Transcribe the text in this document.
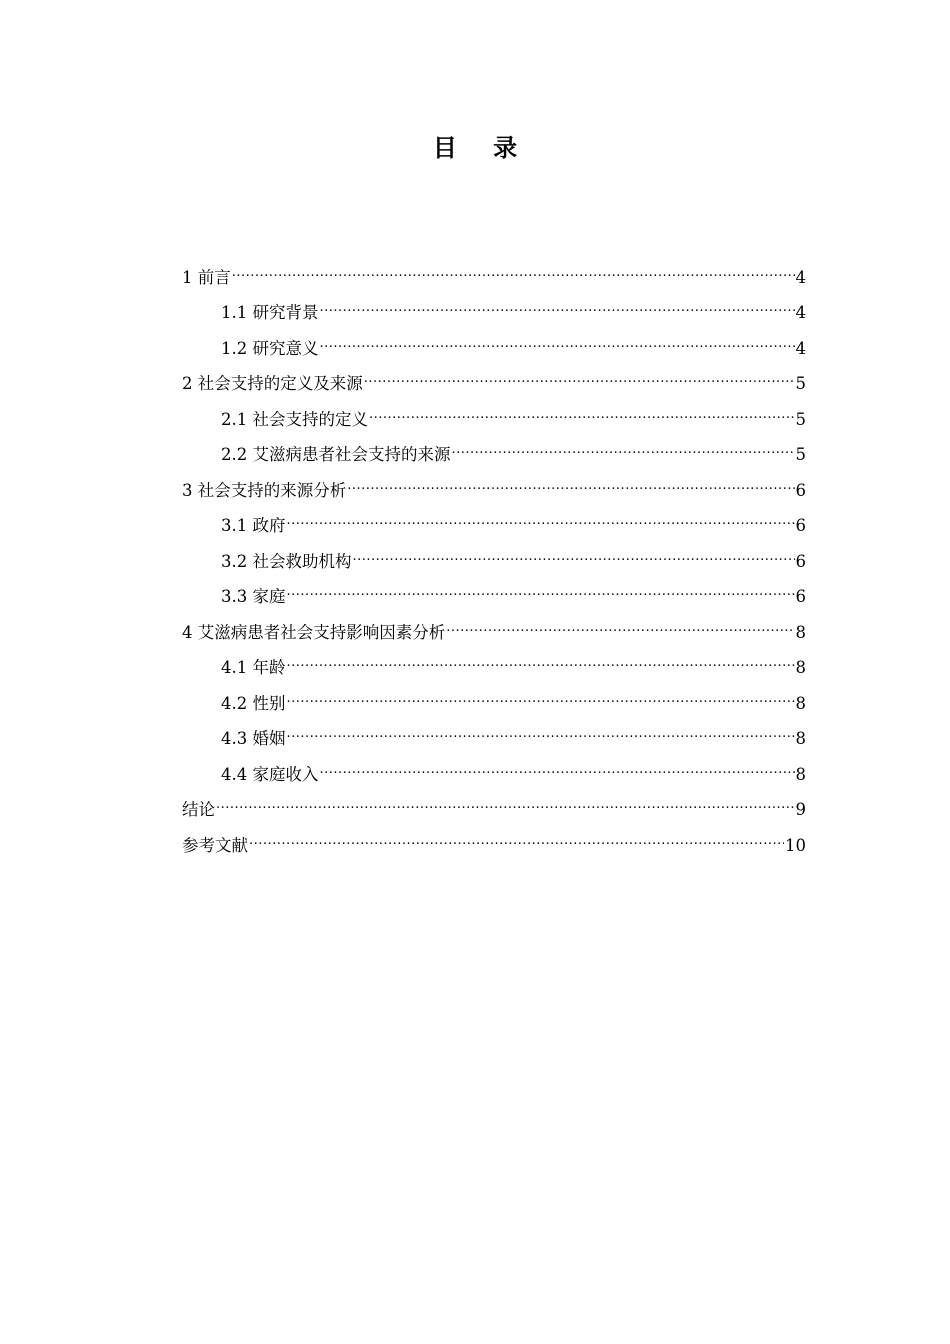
目 录
1 前言 .....	4
1.1 研究背景 .....	4
1.2 研究意义 .....	4
2 社会支持的定义及来源 .....	5
2.1 社会支持的定义 .....	5
2.2 艾滋病患者社会支持的来源 .....	5
3 社会支持的来源分析 .....	6
3.1 政府 .....	6
3.2 社会救助机构 .....	6
3.3 家庭 .....	6
4 艾滋病患者社会支持影响因素分析 .....	8
4.1 年龄 .....	8
4.2 性别 .....	8
4.3 婚姻 .....	8
4.4 家庭收入 .....	8
结论 .....	9
参考文献 .....	10
